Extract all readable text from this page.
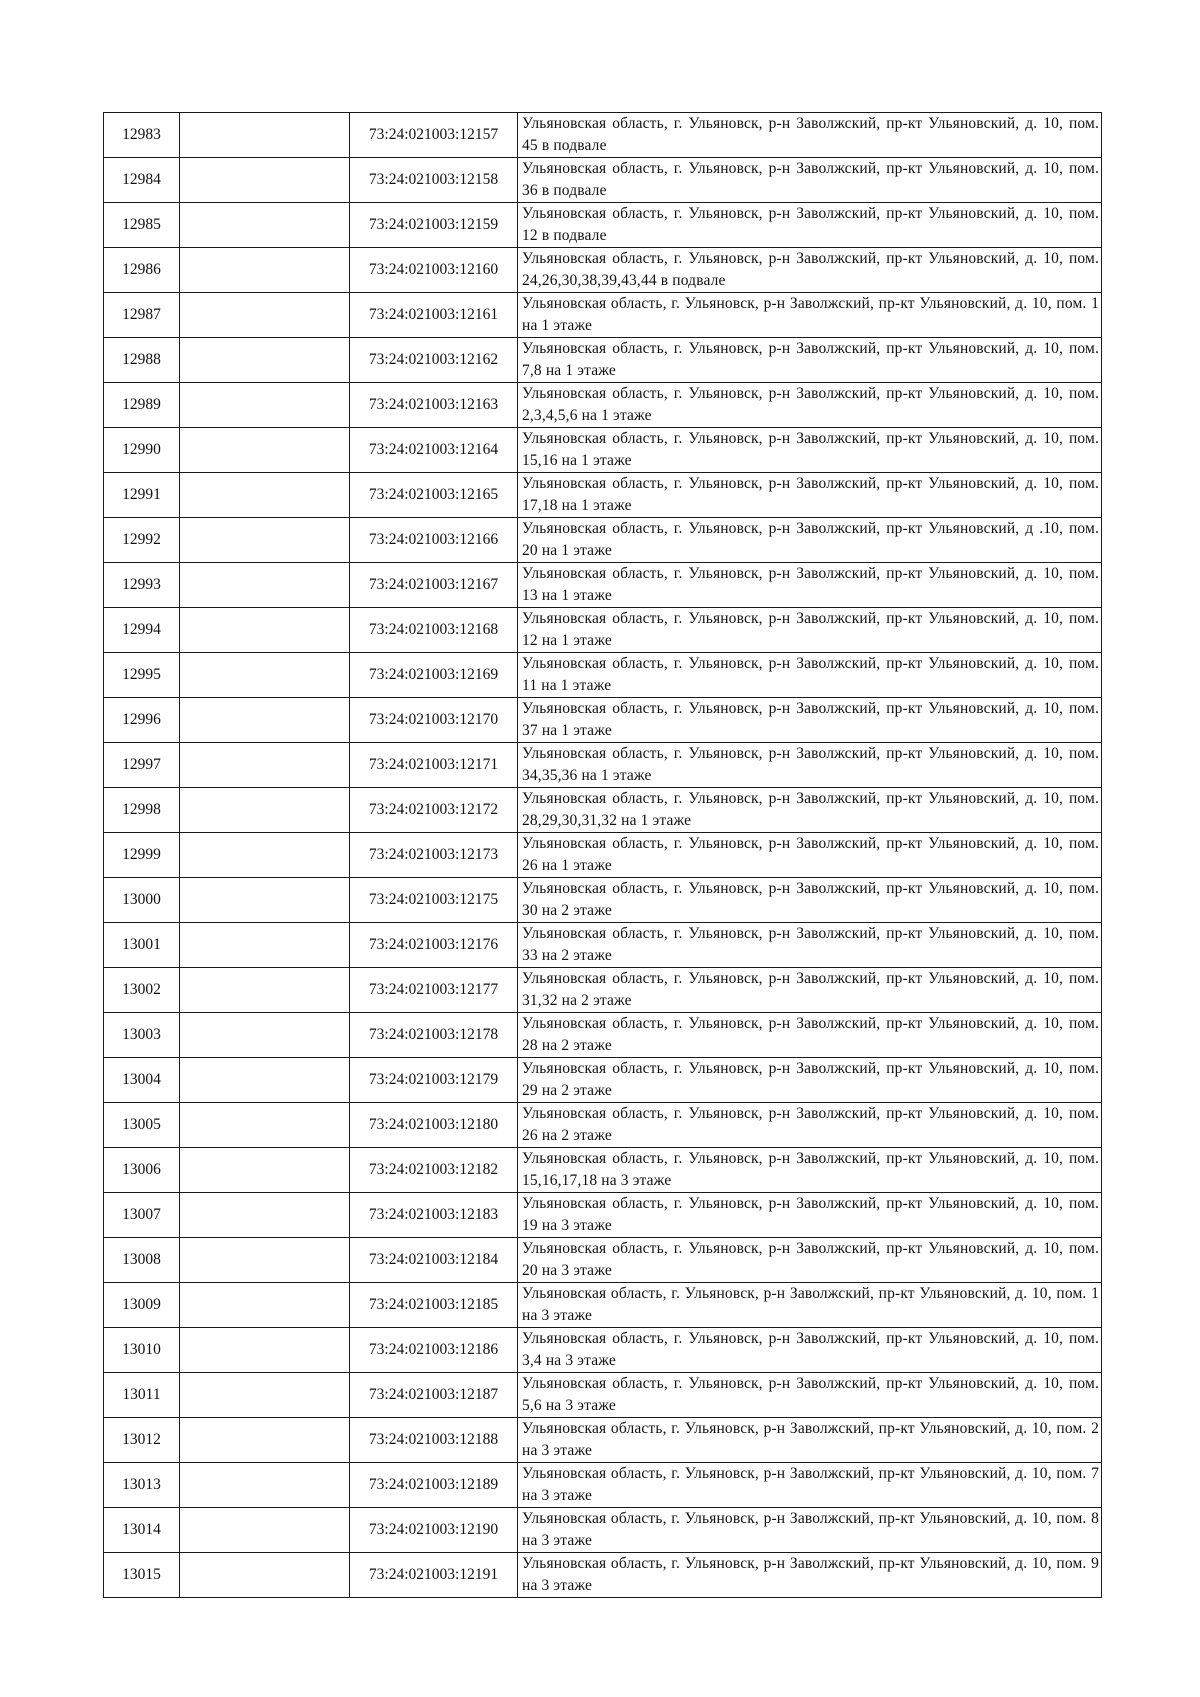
12983		73:24:021003:12157	Ульяновская область, г. Ульяновск, р-н Заволжский, пр-кт Ульяновский, д. 10, пом. 45 в подвале
12984		73:24:021003:12158	Ульяновская область, г. Ульяновск, р-н Заволжский, пр-кт Ульяновский, д. 10, пом. 36 в подвале
12985		73:24:021003:12159	Ульяновская область, г. Ульяновск, р-н Заволжский, пр-кт Ульяновский, д. 10, пом. 12 в подвале
12986		73:24:021003:12160	Ульяновская область, г. Ульяновск, р-н Заволжский, пр-кт Ульяновский, д. 10, пом. 24,26,30,38,39,43,44 в подвале
12987		73:24:021003:12161	Ульяновская область, г. Ульяновск, р-н Заволжский, пр-кт Ульяновский, д. 10, пом. 1 на 1 этаже
12988		73:24:021003:12162	Ульяновская область, г. Ульяновск, р-н Заволжский, пр-кт Ульяновский, д. 10, пом. 7,8 на 1 этаже
12989		73:24:021003:12163	Ульяновская область, г. Ульяновск, р-н Заволжский, пр-кт Ульяновский, д. 10, пом. 2,3,4,5,6 на 1 этаже
12990		73:24:021003:12164	Ульяновская область, г. Ульяновск, р-н Заволжский, пр-кт Ульяновский, д. 10, пом. 15,16 на 1 этаже
12991		73:24:021003:12165	Ульяновская область, г. Ульяновск, р-н Заволжский, пр-кт Ульяновский, д. 10, пом. 17,18 на 1 этаже
12992		73:24:021003:12166	Ульяновская область, г. Ульяновск, р-н Заволжский, пр-кт Ульяновский, д .10, пом. 20 на 1 этаже
12993		73:24:021003:12167	Ульяновская область, г. Ульяновск, р-н Заволжский, пр-кт Ульяновский, д. 10, пом. 13 на 1 этаже
12994		73:24:021003:12168	Ульяновская область, г. Ульяновск, р-н Заволжский, пр-кт Ульяновский, д. 10, пом. 12 на 1 этаже
12995		73:24:021003:12169	Ульяновская область, г. Ульяновск, р-н Заволжский, пр-кт Ульяновский, д. 10, пом. 11 на 1 этаже
12996		73:24:021003:12170	Ульяновская область, г. Ульяновск, р-н Заволжский, пр-кт Ульяновский, д. 10, пом. 37 на 1 этаже
12997		73:24:021003:12171	Ульяновская область, г. Ульяновск, р-н Заволжский, пр-кт Ульяновский, д. 10, пом. 34,35,36 на 1 этаже
12998		73:24:021003:12172	Ульяновская область, г. Ульяновск, р-н Заволжский, пр-кт Ульяновский, д. 10, пом. 28,29,30,31,32 на 1 этаже
12999		73:24:021003:12173	Ульяновская область, г. Ульяновск, р-н Заволжский, пр-кт Ульяновский, д. 10, пом. 26 на 1 этаже
13000		73:24:021003:12175	Ульяновская область, г. Ульяновск, р-н Заволжский, пр-кт Ульяновский, д. 10, пом. 30 на 2 этаже
13001		73:24:021003:12176	Ульяновская область, г. Ульяновск, р-н Заволжский, пр-кт Ульяновский, д. 10, пом. 33 на 2 этаже
13002		73:24:021003:12177	Ульяновская область, г. Ульяновск, р-н Заволжский, пр-кт Ульяновский, д. 10, пом. 31,32 на 2 этаже
13003		73:24:021003:12178	Ульяновская область, г. Ульяновск, р-н Заволжский, пр-кт Ульяновский, д. 10, пом. 28 на 2 этаже
13004		73:24:021003:12179	Ульяновская область, г. Ульяновск, р-н Заволжский, пр-кт Ульяновский, д. 10, пом. 29 на 2 этаже
13005		73:24:021003:12180	Ульяновская область, г. Ульяновск, р-н Заволжский, пр-кт Ульяновский, д. 10, пом. 26 на 2 этаже
13006		73:24:021003:12182	Ульяновская область, г. Ульяновск, р-н Заволжский, пр-кт Ульяновский, д. 10, пом. 15,16,17,18 на 3 этаже
13007		73:24:021003:12183	Ульяновская область, г. Ульяновск, р-н Заволжский, пр-кт Ульяновский, д. 10, пом. 19 на 3 этаже
13008		73:24:021003:12184	Ульяновская область, г. Ульяновск, р-н Заволжский, пр-кт Ульяновский, д. 10, пом. 20 на 3 этаже
13009		73:24:021003:12185	Ульяновская область, г. Ульяновск, р-н Заволжский, пр-кт Ульяновский, д. 10, пом. 1 на 3 этаже
13010		73:24:021003:12186	Ульяновская область, г. Ульяновск, р-н Заволжский, пр-кт Ульяновский, д. 10, пом. 3,4 на 3 этаже
13011		73:24:021003:12187	Ульяновская область, г. Ульяновск, р-н Заволжский, пр-кт Ульяновский, д. 10, пом. 5,6 на 3 этаже
13012		73:24:021003:12188	Ульяновская область, г. Ульяновск, р-н Заволжский, пр-кт Ульяновский, д. 10, пом. 2 на 3 этаже
13013		73:24:021003:12189	Ульяновская область, г. Ульяновск, р-н Заволжский, пр-кт Ульяновский, д. 10, пом. 7 на 3 этаже
13014		73:24:021003:12190	Ульяновская область, г. Ульяновск, р-н Заволжский, пр-кт Ульяновский, д. 10, пом. 8 на 3 этаже
13015		73:24:021003:12191	Ульяновская область, г. Ульяновск, р-н Заволжский, пр-кт Ульяновский, д. 10, пом. 9 на 3 этаже
